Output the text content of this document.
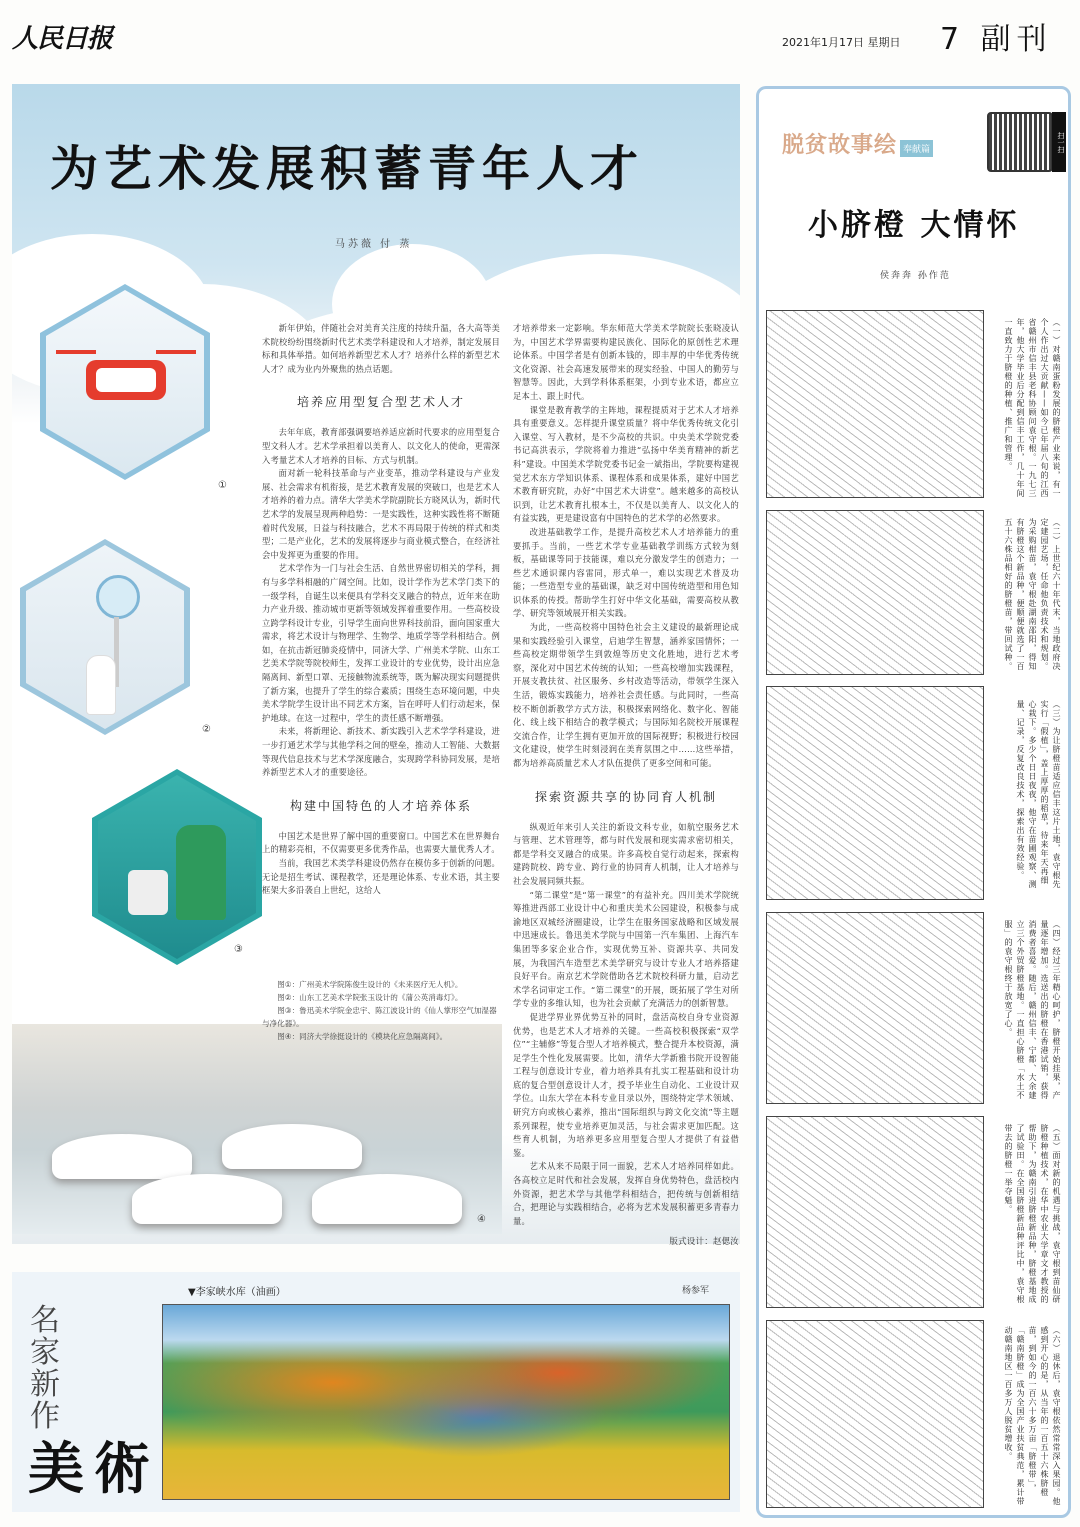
人民日报	2021年1月17日 星期日 7 副刊
①
②
③
④
为艺术发展积蓄青年人才
马苏薇 付 蒸

新年伊始，伴随社会对美育关注度的持续升温，各大高等美术院校纷纷围绕新时代艺术类学科建设和人才培养，制定发展目标和具体举措。如何培养新型艺术人才？培养什么样的新型艺术人才？成为业内外聚焦的热点话题。

培养应用型复合型艺术人才

去年年底，教育部强调要培养适应新时代要求的应用型复合型文科人才。艺术学承担着以美育人、以文化人的使命，更需深入考量艺术人才培养的目标、方式与机制。

面对新一轮科技革命与产业变革，推动学科建设与产业发展、社会需求有机衔接，是艺术教育发展的突破口，也是艺术人才培养的着力点。清华大学美术学院副院长方晓风认为，新时代艺术学的发展呈现两种趋势：一是实践性，这种实践性将不断随着时代发展，日益与科技融合，艺术不再局限于传统的样式和类型；二是产业化，艺术的发展将逐步与商业模式整合，在经济社会中发挥更为重要的作用。

艺术学作为一门与社会生活、自然世界密切相关的学科，拥有与多学科相融的广阔空间。比如，设计学作为艺术学门类下的一级学科，自诞生以来便具有学科交叉融合的特点，近年来在助力产业升级、推动城市更新等领域发挥着重要作用。一些高校设立跨学科设计专业，引导学生面向世界科技前沿，面向国家重大需求，将艺术设计与物理学、生物学、地质学等学科相结合。例如，在抗击新冠肺炎疫情中，同济大学、广州美术学院、山东工艺美术学院等院校师生，发挥工业设计的专业优势，设计出应急隔离间、新型口罩、无接触物流系统等，既为解决现实问题提供了新方案，也提升了学生的综合素质；围绕生态环境问题，中央美术学院学生设计出不同艺术方案，旨在呼吁人们行动起来，保护地球。在这一过程中，学生的责任感不断增强。

未来，将新理论、新技术、新实践引入艺术学学科建设，进一步打通艺术学与其他学科之间的壁垒，推动人工智能、大数据等现代信息技术与艺术学深度融合，实现跨学科协同发展，是培养新型艺术人才的重要途径。

构建中国特色的人才培养体系

中国艺术是世界了解中国的重要窗口。中国艺术在世界舞台上的精彩亮相，不仅需要更多优秀作品，也需要大量优秀人才。

当前，我国艺术类学科建设仍然存在模仿多于创新的问题。无论是招生考试、课程教学，还是理论体系、专业术语，其主要框架大多沿袭自上世纪，这给人

图①：广州美术学院陈俊生设计的《未来医疗无人机》。

图②：山东工艺美术学院张玉设计的《蒲公英消毒灯》。

图③：鲁迅美术学院金忠宇、陈江波设计的《仙人掌形空气加湿器与净化器》。

图④：同济大学徐挺设计的《模块化应急隔离间》。

才培养带来一定影响。华东师范大学美术学院院长张晓凌认为，中国艺术学界需要构建民族化、国际化的原创性艺术理论体系。中国学者是有创新本钱的，即丰厚的中华优秀传统文化资源、社会高速发展带来的现实经验、中国人的勤劳与智慧等。因此，大到学科体系框架，小到专业术语，都应立足本土、跟上时代。

课堂是教育教学的主阵地，课程提质对于艺术人才培养具有重要意义。怎样提升课堂质量？将中华优秀传统文化引入课堂、写入教材，是不少高校的共识。中央美术学院党委书记高洪表示，学院将着力推进“弘扬中华美育精神的新艺科”建设。中国美术学院党委书记金一斌指出，学院要构建视觉艺术东方学知识体系、课程体系和成果体系，建好中国艺术教育研究院，办好“中国艺术大讲堂”。越来越多的高校认识到，让艺术教育扎根本土，不仅是以美育人、以文化人的有益实践，更是建设富有中国特色的艺术学的必然要求。

改进基础教学工作，是提升高校艺术人才培养能力的重要抓手。当前，一些艺术学专业基础教学训练方式较为刻板，基础课等同于技能课，难以充分激发学生的创造力；一些艺术通识课内容雷同，形式单一，难以实现艺术普及功能；一些造型专业的基础课，缺乏对中国传统造型和用色知识体系的传授。帮助学生打好中华文化基础，需要高校从教学、研究等领域展开相关实践。

为此，一些高校将中国特色社会主义建设的最新理论成果和实践经验引入课堂，启迪学生智慧，涵养家国情怀；一些高校定期带领学生到敦煌等历史文化胜地，进行艺术考察，深化对中国艺术传统的认知；一些高校增加实践课程，开展支教扶贫、社区服务、乡村改造等活动，带领学生深入生活，锻炼实践能力，培养社会责任感。与此同时，一些高校不断创新教学方式方法，积极探索网络化、数字化、智能化、线上线下相结合的教学模式；与国际知名院校开展课程交流合作，让学生拥有更加开放的国际视野；积极进行校园文化建设，使学生时刻浸润在美育氛围之中……这些举措，都为培养高质量艺术人才队伍提供了更多空间和可能。

探索资源共享的协同育人机制

纵观近年来引人关注的新设文科专业，如航空服务艺术与管理、艺术管理等，都与时代发展和现实需求密切相关，都是学科交叉融合的成果。许多高校自觉行动起来，探索构建跨院校、跨专业、跨行业的协同育人机制，让人才培养与社会发展同频共振。

“第二课堂”是“第一课堂”的有益补充。四川美术学院统筹推进西部工业设计中心和重庆美术公园建设，积极参与成渝地区双城经济圈建设，让学生在服务国家战略和区域发展中迅速成长。鲁迅美术学院与中国第一汽车集团、上海汽车集团等多家企业合作，实现优势互补、资源共享、共同发展，为我国汽车造型艺术美学研究与设计专业人才培养搭建良好平台。南京艺术学院借助各艺术院校科研力量，启动艺术学名词审定工作。“第二课堂”的开展，既拓展了学生对所学专业的多维认知，也为社会贡献了充满活力的创新智慧。

促进学界业界优势互补的同时，盘活高校自身专业资源优势，也是艺术人才培养的关键。一些高校积极探索“双学位”“主辅修”等复合型人才培养模式，整合提升本校资源，满足学生个性化发展需要。比如，清华大学新雅书院开设智能工程与创意设计专业，着力培养具有扎实工程基础和设计功底的复合型创意设计人才，授予毕业生自动化、工业设计双学位。山东大学在本科专业目录以外，围绕特定学术领域、研究方向或核心素养，推出“国际组织与跨文化交流”等主题系列课程，使专业培养更加灵活，与社会需求更加匹配。这些育人机制，为培养更多应用型复合型人才提供了有益借鉴。

艺术从来不局限于同一面貌，艺术人才培养同样如此。各高校立足时代和社会发展，发挥自身优势特色，盘活校内外资源，把艺术学与其他学科相结合，把传统与创新相结合，把理论与实践相结合，必将为艺术发展积蓄更多青春力量。

版式设计：赵偲汝
名家新作
美術
▼李家峡水库（油画）	杨参军
脱贫故事绘 奉献篇	扫一扫
小脐橙 大情怀
侯奔奔 孙作范
（一）对赣南蛋粉发展的脐橙产业来说，有一个人作出过大贡献——如今已年届八旬的江西省赣州市信丰县老科协顾问袁守根。一九七三年，他大学毕业后分配到信丰工作，几十年间一直致力于脐橙的种植、推广和管理。
（二）上世纪六十年代末，当地政府决定建园艺场，任命他负责技术和规划。为采购柑苗，袁守根赴湖南邵阳，得知有脐橙这个新品种，便顺便就选了一百五十六株品相好的脐橙苗，带回试种。
（三）为让脐橙苗适应信丰这片土地，袁守根先实行「假植」，盖上厚厚的稻草，待来年天再细心栽下。多少个日日夜夜，他守在苗圃观察、测量、记录，反复改良技术，探索出有效经验。
（四）经过三年精心呵护，脐橙开始挂果，产量逐年增加。选送出的脐橙在香港试销，获得消费者喜爱。随后，赣州信丰、宁都、大余建立三个外贸脐橙基地。一直担心脐橙「水土不服」的袁守根终于放宽了心。
（五）面对新的机遇与挑战，袁守根到苗仙研脐橙种植技术，在华中农业大学章文才教授的帮助下，为赣南引进脐橙新品种，脐橙基地成了试验田。在全国脐橙新品种评比中，袁守根带去的脐橙一举夺魁。
（六）退休后，袁守根依然常常深入果园。他感到开心的是，从当年的一百五十六株脐橙苗，到如今的一百六十多万亩「脐橙带」，「赣南脐橙」成为全国产业扶贫典范，累计带动赣南地区一百多万人脱贫增收。
